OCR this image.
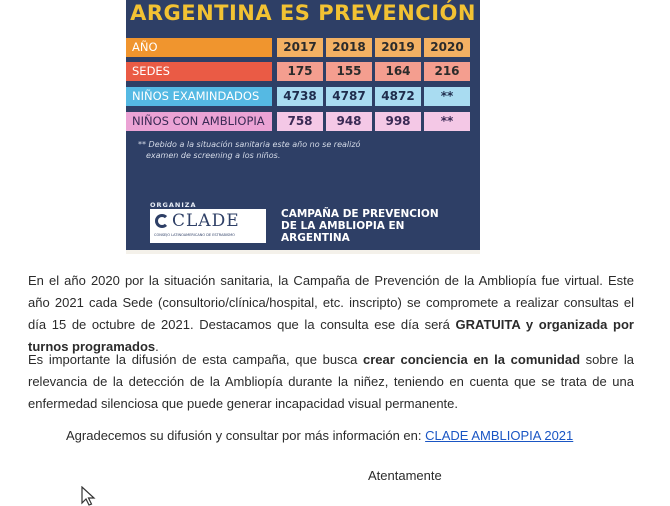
ARGENTINA ES PREVENCIÓN
AÑO	2017	2018	2019	2020
SEDES	175	155	164	216
NIÑOS EXAMINDADOS	4738	4787	4872	**
NIÑOS CON AMBLIOPIA	758	948	998	**
** Debido a la situación sanitaria este año no se realizó
examen de screening a los niños.
ORGANIZA
CLADE
CONSEJO LATINOAMERICANO DE ESTRABISMO
CAMPAÑA DE PREVENCION
DE LA AMBLIOPIA EN ARGENTINA
En el año 2020 por la situación sanitaria, la Campaña de Prevención de la Ambliopía fue virtual. Este año 2021 cada Sede (consultorio/clínica/hospital, etc. inscripto) se compromete a realizar consultas el día 15 de octubre de 2021. Destacamos que la consulta ese día será GRATUITA y organizada por turnos programados.
Es importante la difusión de esta campaña, que busca crear conciencia en la comunidad sobre la relevancia de la detección de la Ambliopía durante la niñez, teniendo en cuenta que se trata de una enfermedad silenciosa que puede generar incapacidad visual permanente.
Agradecemos su difusión y consultar por más información en: CLADE AMBLIOPIA 2021
Atentamente
